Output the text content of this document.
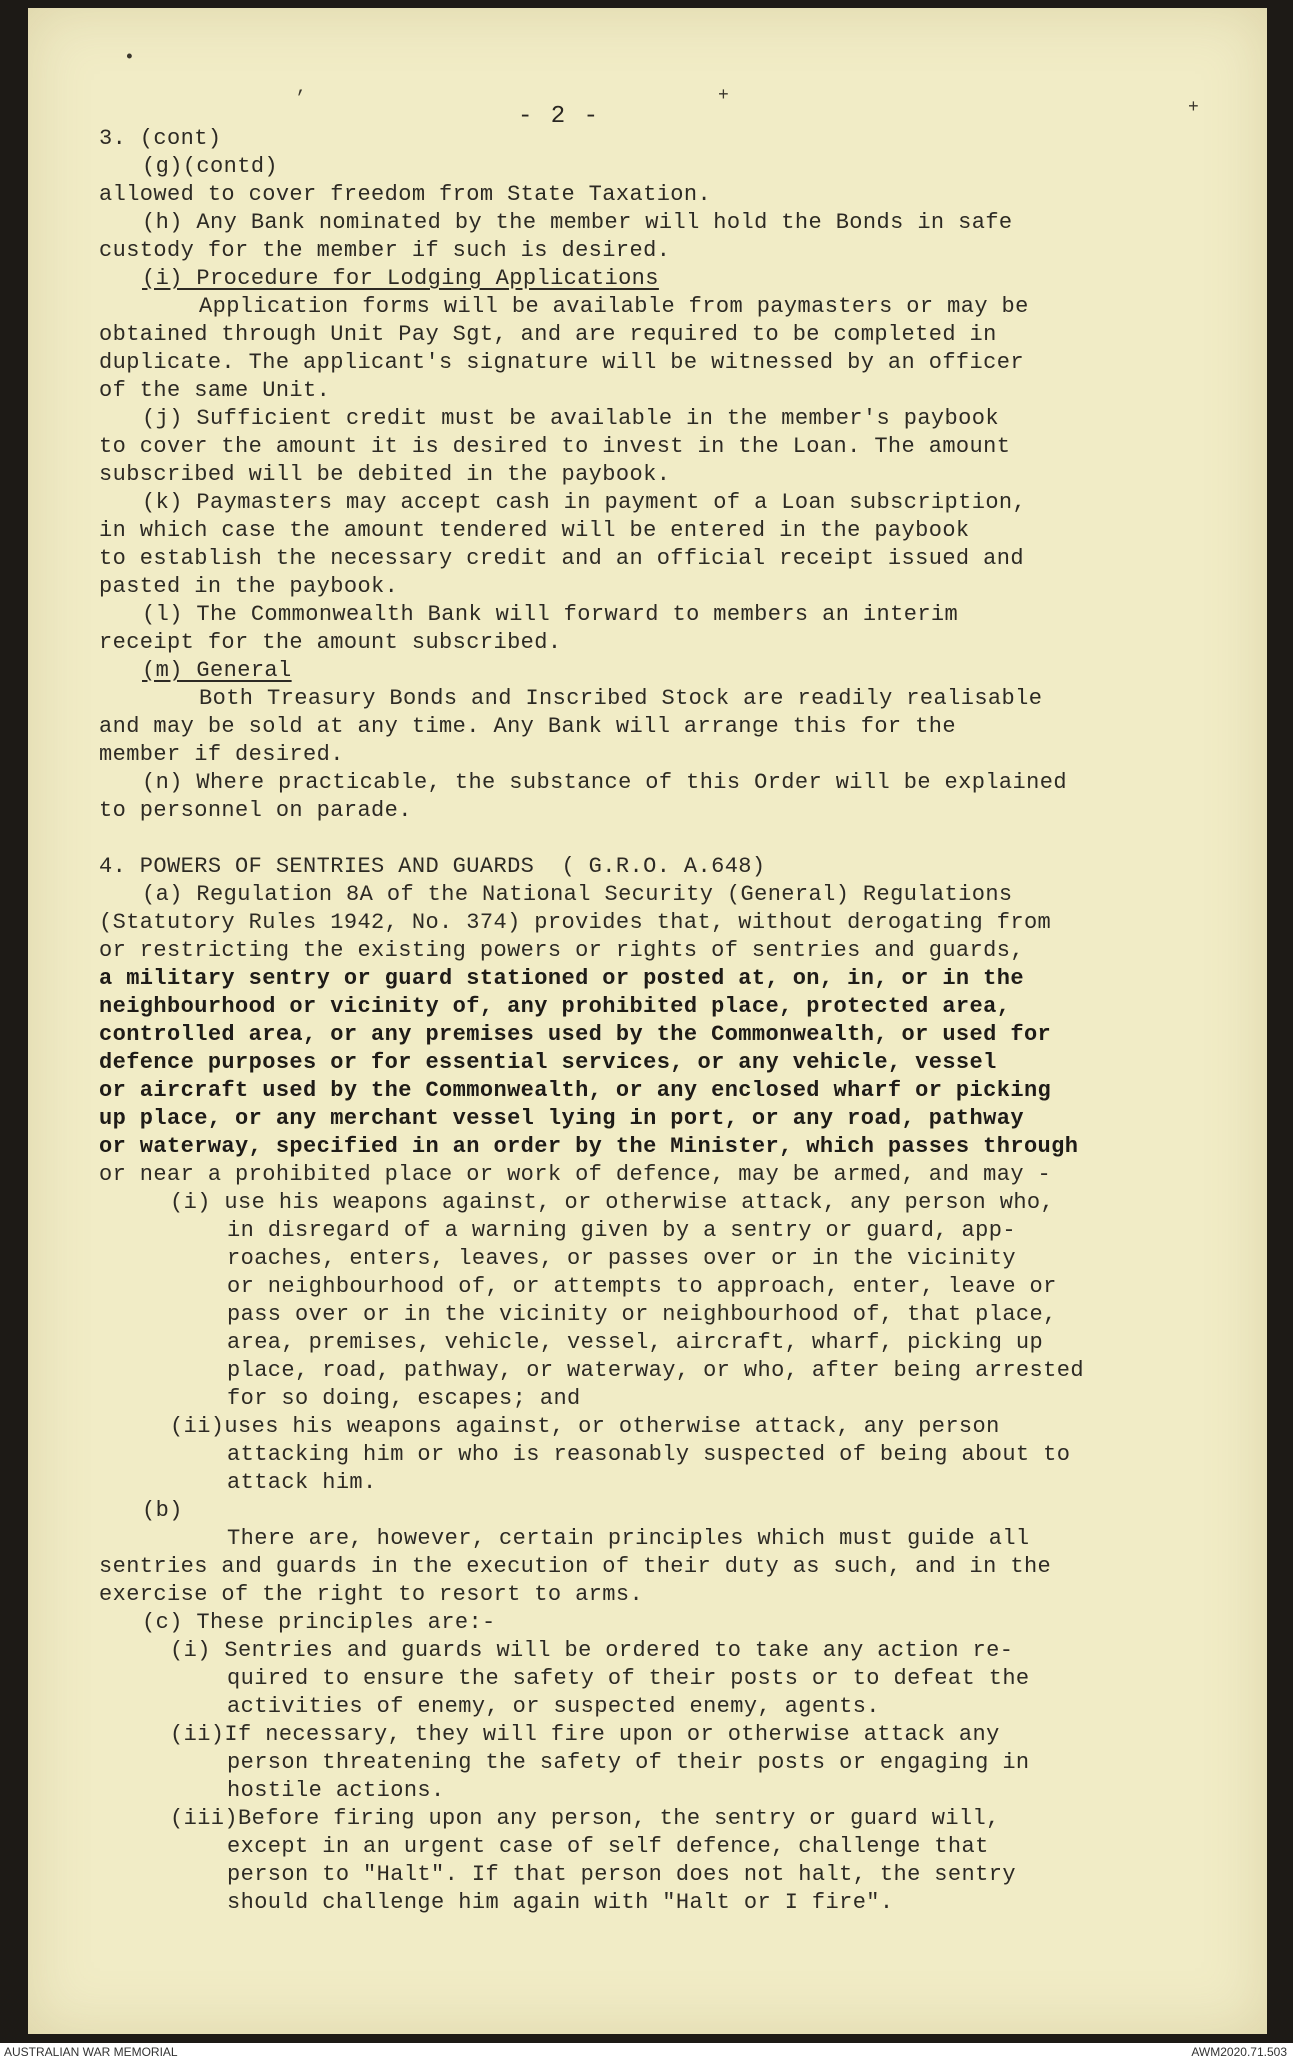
•
,	+
+
- 2 -
3. (cont)
(g)(contd)
allowed to cover freedom from State Taxation.
(h) Any Bank nominated by the member will hold the Bonds in safe
custody for the member if such is desired.
(i) Procedure for Lodging Applications
Application forms will be available from paymasters or may be
obtained through Unit Pay Sgt, and are required to be completed in
duplicate. The applicant's signature will be witnessed by an officer
of the same Unit.
(j) Sufficient credit must be available in the member's paybook
to cover the amount it is desired to invest in the Loan. The amount
subscribed will be debited in the paybook.
(k) Paymasters may accept cash in payment of a Loan subscription,
in which case the amount tendered will be entered in the paybook
to establish the necessary credit and an official receipt issued and
pasted in the paybook.
(l) The Commonwealth Bank will forward to members an interim
receipt for the amount subscribed.
(m) General
Both Treasury Bonds and Inscribed Stock are readily realisable
and may be sold at any time. Any Bank will arrange this for the
member if desired.
(n) Where practicable, the substance of this Order will be explained
to personnel on parade.
4. POWERS OF SENTRIES AND GUARDS  ( G.R.O. A.648)
(a) Regulation 8A of the National Security (General) Regulations
(Statutory Rules 1942, No. 374) provides that, without derogating from
or restricting the existing powers or rights of sentries and guards,
a military sentry or guard stationed or posted at, on, in, or in the
neighbourhood or vicinity of, any prohibited place, protected area,
controlled area, or any premises used by the Commonwealth, or used for
defence purposes or for essential services, or any vehicle, vessel
or aircraft used by the Commonwealth, or any enclosed wharf or picking
up place, or any merchant vessel lying in port, or any road, pathway
or waterway, specified in an order by the Minister, which passes through
or near a prohibited place or work of defence, may be armed, and may -
(i) use his weapons against, or otherwise attack, any person who,
in disregard of a warning given by a sentry or guard, app-
roaches, enters, leaves, or passes over or in the vicinity
or neighbourhood of, or attempts to approach, enter, leave or
pass over or in the vicinity or neighbourhood of, that place,
area, premises, vehicle, vessel, aircraft, wharf, picking up
place, road, pathway, or waterway, or who, after being arrested
for so doing, escapes; and
(ii)uses his weapons against, or otherwise attack, any person
attacking him or who is reasonably suspected of being about to
attack him.
(b)
There are, however, certain principles which must guide all
sentries and guards in the execution of their duty as such, and in the
exercise of the right to resort to arms.
(c) These principles are:-
(i) Sentries and guards will be ordered to take any action re-
quired to ensure the safety of their posts or to defeat the
activities of enemy, or suspected enemy, agents.
(ii)If necessary, they will fire upon or otherwise attack any
person threatening the safety of their posts or engaging in
hostile actions.
(iii)Before firing upon any person, the sentry or guard will,
except in an urgent case of self defence, challenge that
person to "Halt". If that person does not halt, the sentry
should challenge him again with "Halt or I fire".
AUSTRALIAN WAR MEMORIAL	AWM2020.71.503
